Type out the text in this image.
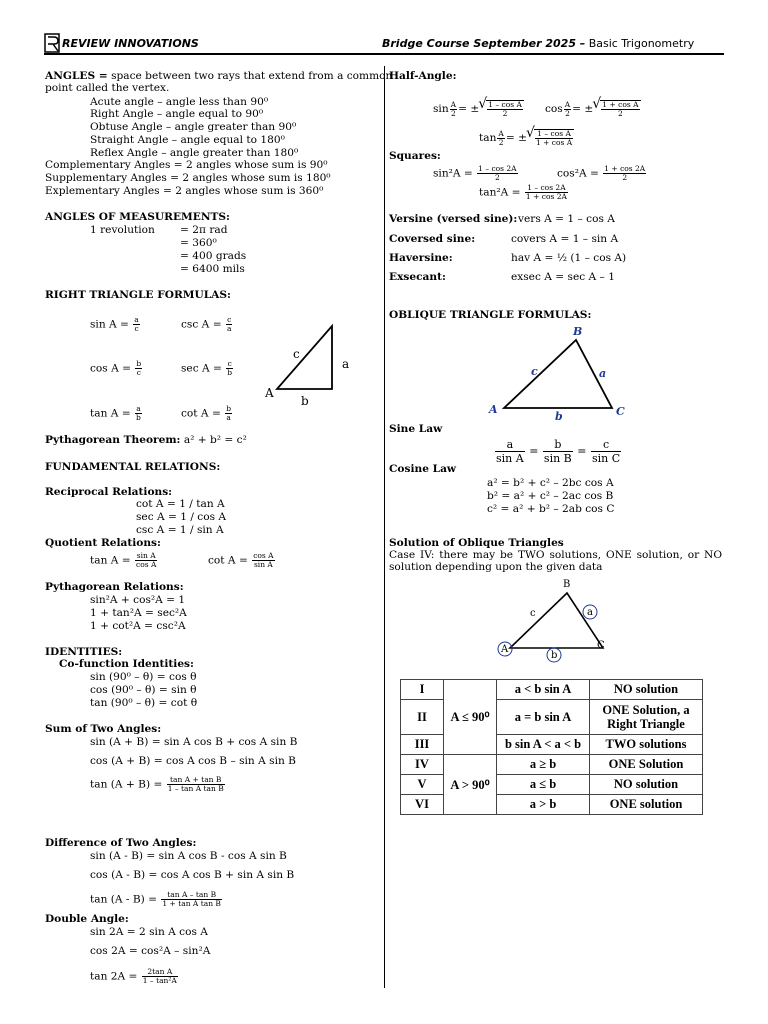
REVIEW INNOVATIONS	Bridge Course September 2025 – Basic Trigonometry
ANGLES = space between two rays that extend from a common
point called the vertex.
Acute angle – angle less than 90⁰
Right Angle – angle equal to 90⁰
Obtuse Angle – angle greater than 90⁰
Straight Angle – angle equal to 180⁰
Reflex Angle – angle greater than 180⁰
Complementary Angles = 2 angles whose sum is 90⁰
Supplementary Angles = 2 angles whose sum is 180⁰
Explementary Angles = 2 angles whose sum is 360⁰
ANGLES OF MEASUREMENTS:
1 revolution = 2π rad
= 360⁰
= 400 grads
= 6400 mils
RIGHT TRIANGLE FORMULAS:
$\sin A = \frac{a}{c}$	$\csc A = \frac{c}{a}$
$\cos A = \frac{b}{c}$	$\sec A = \frac{c}{b}$
$\tan A = \frac{a}{b}$	$\cot A = \frac{b}{a}$
c
a
A
b
Pythagorean Theorem: a² + b² = c²
FUNDAMENTAL RELATIONS:
Reciprocal Relations:
cot A = 1 / tan A
sec A = 1 / cos A
csc A = 1 / sin A
Quotient Relations:
$\tan A = \frac{\text{sin A}}{\text{cos A}}$	$\cot A = \frac{\text{cos A}}{\text{sin A}}$
Pythagorean Relations:
sin²A + cos²A = 1
1 + tan²A = sec²A
1 + cot²A = csc²A
IDENTITIES:
Co-function Identities:
sin (90⁰ – θ) = cos θ
cos (90⁰ – θ) = sin θ
tan (90⁰ – θ) = cot θ
Sum of Two Angles:
sin (A + B) = sin A cos B + cos A sin B
cos (A + B) = cos A cos B – sin A sin B
$\tan (A + B) = \frac{\text{tan A + tan B}}{\text{1 – tan A tan B}}$
Difference of Two Angles:
sin (A - B) = sin A cos B - cos A sin B
cos (A - B) = cos A cos B + sin A sin B
$\tan (A - B) = \frac{\text{tan A – tan B}}{\text{1 + tan A tan B}}$
Double Angle:
sin 2A = 2 sin A cos A
cos 2A = cos²A – sin²A
$\tan 2A = \frac{\text{2tan A}}{\text{1 – tan²A}}$
Half-Angle:
$\sin \frac{A}{2}$ = ± √ $\frac{\text{1 – cos A}}{2}$ $\cos \frac{A}{2}$ = ± √ $\frac{\text{1 + cos A}}{2}$
$\tan \frac{A}{2}$ = ± √ $\frac{\text{1 – cos A}}{\text{1 + cos A}}$
Squares:
$\sin^2A = \frac{1 - \cos 2A}{2}$	$\cos^2A = \frac{1 + \cos 2A}{2}$
$\tan^2A = \frac{1 - \cos 2A}{1 + \cos 2A}$
Versine (versed sine): vers A = 1 – cos A
Coversed sine:	covers A = 1 – sin A
Haversine:	hav A = ½ (1 – cos A)
Exsecant:	exsec A = sec A – 1
OBLIQUE TRIANGLE FORMULAS:
B
c	a
A
b	C
Sine Law
$\frac{a}{\text{sin A}} = \frac{b}{\text{sin B}} = \frac{c}{\text{sin C}}$
Cosine Law
a² = b² + c² – 2bc cos A
b² = a² + c² – 2ac cos B
c² = a² + b² – 2ab cos C
Solution of Oblique Triangles
Case IV: there may be TWO solutions, ONE solution, or NO solution depending upon the given data
B
c	a
A
b
C
I	A ≤ 90⁰	a < b sin A	NO solution
II		a = b sin A	ONE Solution, a Right Triangle
III		b sin A < a < b	TWO solutions
IV	A > 90⁰	a ≥ b	ONE Solution
V		a ≤ b	NO solution
VI		a > b	ONE solution
